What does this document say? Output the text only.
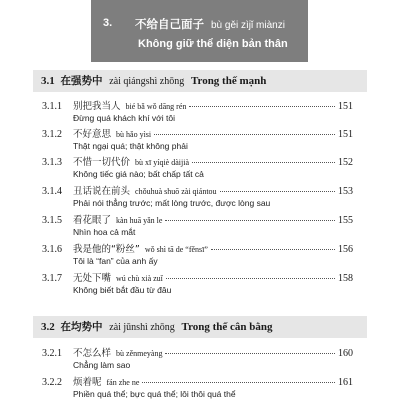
3. 不给自己面子 bù gěi zìjǐ miànzi
Không giữ thể diện bản thân
3.1 在强势中 zài qiángshì zhōng Trong thế mạnh
3.1.1	别把我当人 bié bǎ wǒ dāng rén	151
Đừng quá khách khí với tôi
3.1.2	不好意思 bù hǎo yìsi	151
Thật ngại quá; thật không phải
3.1.3	不惜一切代价 bù xī yíqiè dàijià	152
Không tiếc giá nào; bất chấp tất cả
3.1.4	丑话说在前头 chǒuhuà shuō zài qiántou	153
Phải nói thẳng trước; mất lòng trước, được lòng sau
3.1.5	看花眼了 kàn huā yǎn le	155
Nhìn hoa cả mắt
3.1.6	我是他的“粉丝” wǒ shì tā de “fěnsī”	156
Tôi là “fan” của anh ấy
3.1.7	无处下嘴 wú chù xià zuǐ	158
Không biết bắt đầu từ đâu
3.2 在均势中 zài jūnshì zhōng Trong thế cân bằng
3.2.1	不怎么样 bù zěnmeyàng	160
Chẳng làm sao
3.2.2	烦着呢 fán zhe ne	161
Phiền quá thể; bực quá thể; lôi thôi quá thể
